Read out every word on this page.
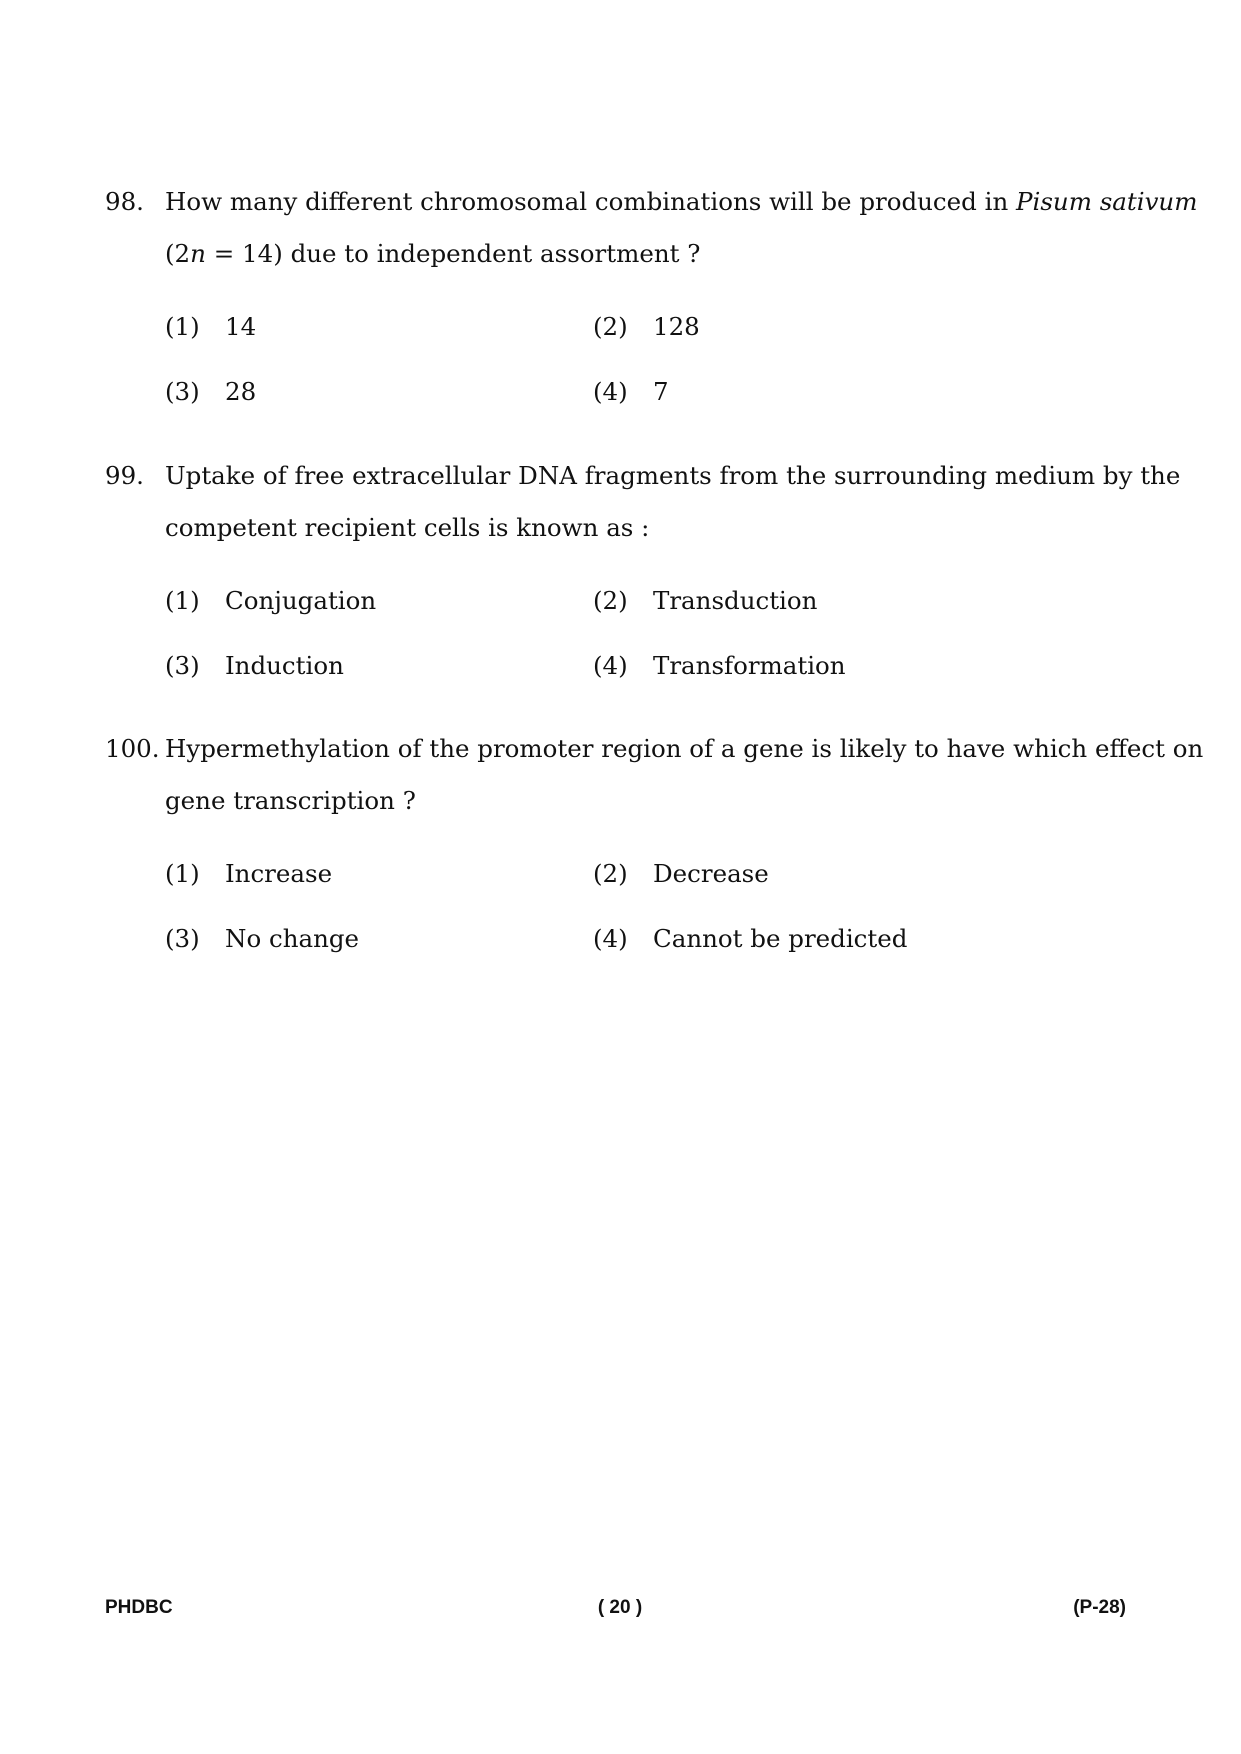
98. How many different chromosomal combinations will be produced in Pisum sativum
(2n = 14) due to independent assortment ?
(1) 14	(2) 128
(3) 28	(4) 7
99. Uptake of free extracellular DNA fragments from the surrounding medium by the
competent recipient cells is known as :
(1) Conjugation	(2) Transduction
(3) Induction	(4) Transformation
100. Hypermethylation of the promoter region of a gene is likely to have which effect on
gene transcription ?
(1) Increase	(2) Decrease
(3) No change	(4) Cannot be predicted
PHDBC	( 20 )	(P-28)
